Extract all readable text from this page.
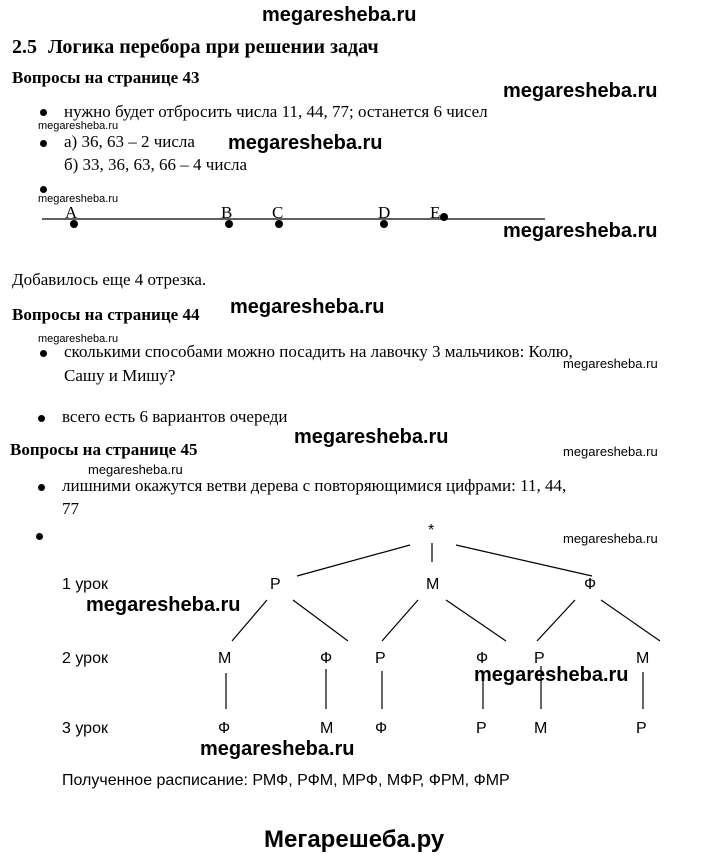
megaresheba.ru
2.5 Логика перебора при решении задач
Вопросы на странице 43
megaresheba.ru
нужно будет отбросить числа 11, 44, 77; останется 6 чисел
megaresheba.ru
а) 36, 63 – 2 числа megaresheba.ru
б) 33, 36, 63, 66 – 4 числа
megaresheba.ru
A	B C	D E
megaresheba.ru
Добавилось еще 4 отрезка.
megaresheba.ru
Вопросы на странице 44
megaresheba.ru
сколькими способами можно посадить на лавочку 3 мальчиков: Колю,
Сашу и Мишу?
megaresheba.ru
всего есть 6 вариантов очереди
megaresheba.ru
Вопросы на странице 45	megaresheba.ru
megaresheba.ru
лишними окажутся ветви дерева с повторяющимися цифрами: 11, 44,
77
megaresheba.ru
*
1 урок	Р	М	Ф
megaresheba.ru
2 урок	М	Ф	Р	Ф	Р	М
megaresheba.ru
3 урок	Ф	М	Ф	Р	М	Р
megaresheba.ru
Полученное расписание: РМФ, РФМ, МРФ, МФР, ФРМ, ФМР
Мегарешеба.ру
